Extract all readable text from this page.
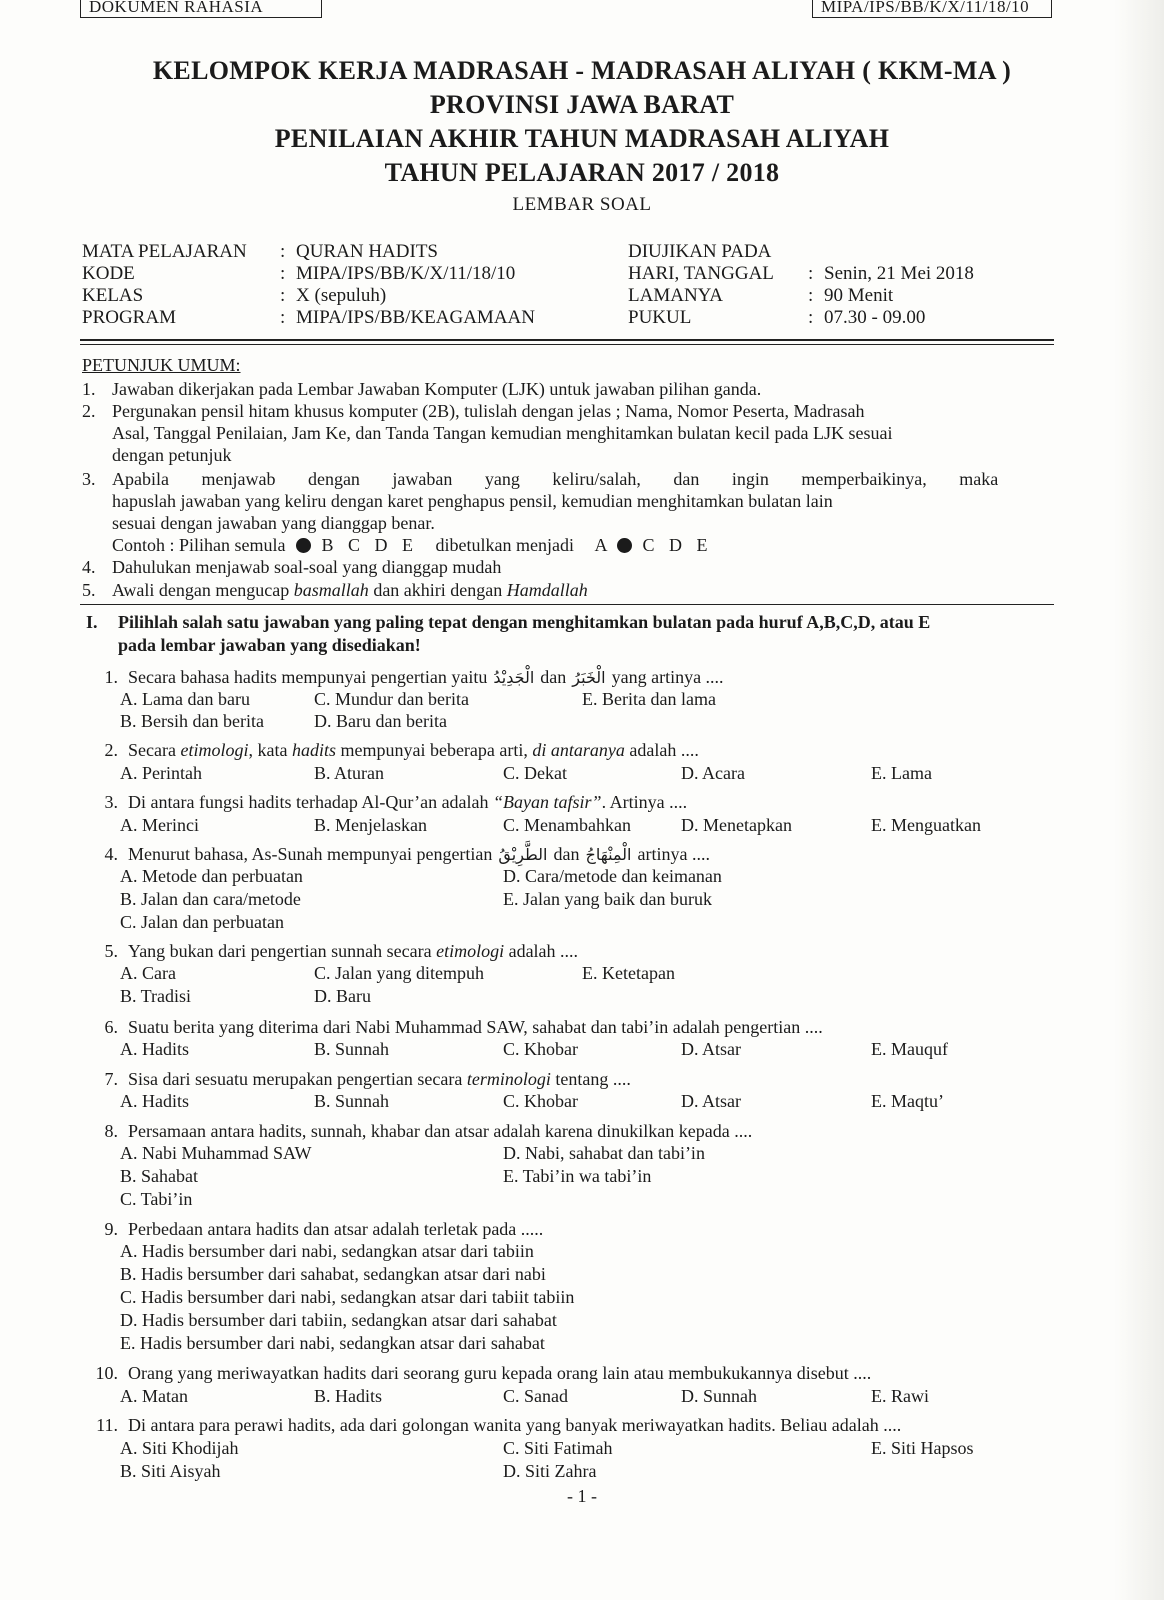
DOKUMEN RAHASIA	MIPA/IPS/BB/K/X/11/18/10
KELOMPOK KERJA MADRASAH - MADRASAH ALIYAH ( KKM-MA )
PROVINSI JAWA BARAT
PENILAIAN AKHIR TAHUN MADRASAH ALIYAH
TAHUN PELAJARAN 2017 / 2018
LEMBAR SOAL
MATA PELAJARAN : QURAN HADITS
KODE	: MIPA/IPS/BB/K/X/11/18/10
KELAS	: X (sepuluh)
PROGRAM	: MIPA/IPS/BB/KEAGAMAAN
DIUJIKAN PADA
HARI, TANGGAL : Senin, 21 Mei 2018
LAMANYA	: 90 Menit
PUKUL	: 07.30 - 09.00
PETUNJUK UMUM:
1. Jawaban dikerjakan pada Lembar Jawaban Komputer (LJK) untuk jawaban pilihan ganda.
2. Pergunakan pensil hitam khusus komputer (2B), tulislah dengan jelas ; Nama, Nomor Peserta, Madrasah
Asal, Tanggal Penilaian, Jam Ke, dan Tanda Tangan kemudian menghitamkan bulatan kecil pada LJK sesuai
dengan petunjuk
3. Apabila menjawab dengan jawaban yang keliru/salah, dan ingin memperbaikinya, maka
hapuslah jawaban yang keliru dengan karet penghapus pensil, kemudian menghitamkan bulatan lain
sesuai dengan jawaban yang dianggap benar.
Contoh : Pilihan semula B C D E dibetulkan menjadi A C D E
4. Dahulukan menjawab soal-soal yang dianggap mudah
5. Awali dengan mengucap basmallah dan akhiri dengan Hamdallah
I. Pilihlah salah satu jawaban yang paling tepat dengan menghitamkan bulatan pada huruf A,B,C,D, atau E
pada lembar jawaban yang disediakan!
1. Secara bahasa hadits mempunyai pengertian yaitu الْجَدِيْدُ dan الْخَبَرُ yang artinya ....
A. Lama dan baru	C. Mundur dan berita	E. Berita dan lama
B. Bersih dan berita	D. Baru dan berita
2. Secara etimologi, kata hadits mempunyai beberapa arti, di antaranya adalah ....
A. Perintah	B. Aturan	C. Dekat	D. Acara	E. Lama
3. Di antara fungsi hadits terhadap Al-Qur’an adalah “Bayan tafsir”. Artinya ....
A. Merinci	B. Menjelaskan	C. Menambahkan	D. Menetapkan	E. Menguatkan
4. Menurut bahasa, As-Sunah mempunyai pengertian الطَّرِيْقُ dan الْمِنْهَاجُ artinya ....
A. Metode dan perbuatan	D. Cara/metode dan keimanan
B. Jalan dan cara/metode	E. Jalan yang baik dan buruk
C. Jalan dan perbuatan
5. Yang bukan dari pengertian sunnah secara etimologi adalah ....
A. Cara	C. Jalan yang ditempuh	E. Ketetapan
B. Tradisi	D. Baru
6. Suatu berita yang diterima dari Nabi Muhammad SAW, sahabat dan tabi’in adalah pengertian ....
A. Hadits	B. Sunnah	C. Khobar	D. Atsar	E. Mauquf
7. Sisa dari sesuatu merupakan pengertian secara terminologi tentang ....
A. Hadits	B. Sunnah	C. Khobar	D. Atsar	E. Maqtu’
8. Persamaan antara hadits, sunnah, khabar dan atsar adalah karena dinukilkan kepada ....
A. Nabi Muhammad SAW	D. Nabi, sahabat dan tabi’in
B. Sahabat	E. Tabi’in wa tabi’in
C. Tabi’in
9. Perbedaan antara hadits dan atsar adalah terletak pada .....
A. Hadis bersumber dari nabi, sedangkan atsar dari tabiin
B. Hadis bersumber dari sahabat, sedangkan atsar dari nabi
C. Hadis bersumber dari nabi, sedangkan atsar dari tabiit tabiin
D. Hadis bersumber dari tabiin, sedangkan atsar dari sahabat
E. Hadis bersumber dari nabi, sedangkan atsar dari sahabat
10. Orang yang meriwayatkan hadits dari seorang guru kepada orang lain atau membukukannya disebut ....
A. Matan	B. Hadits	C. Sanad	D. Sunnah	E. Rawi
11. Di antara para perawi hadits, ada dari golongan wanita yang banyak meriwayatkan hadits. Beliau adalah ....
A. Siti Khodijah	C. Siti Fatimah	E. Siti Hapsos
B. Siti Aisyah	D. Siti Zahra
- 1 -
